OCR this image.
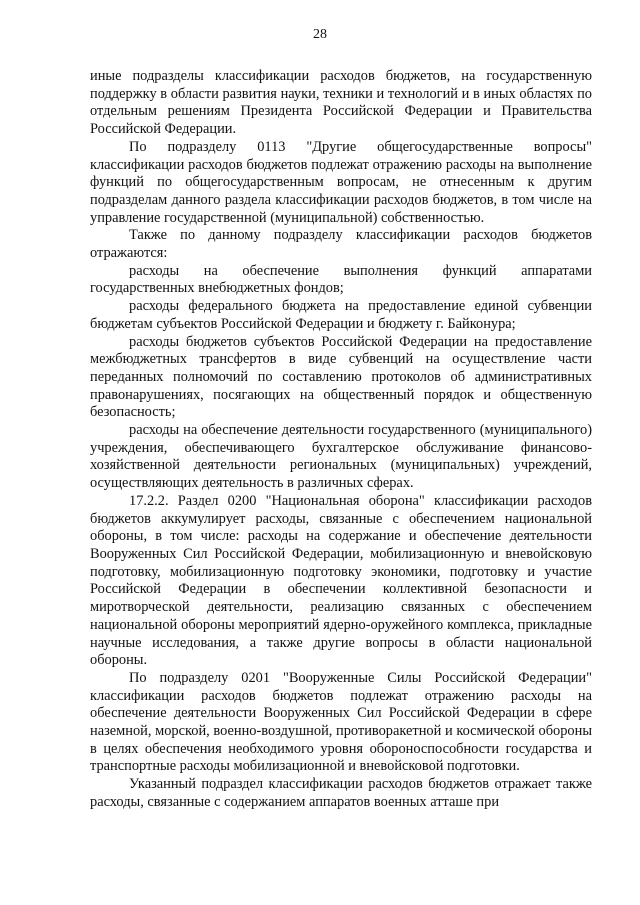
28

иные подразделы классификации расходов бюджетов, на государственную поддержку в области развития науки, техники и технологий и в иных областях по отдельным решениям Президента Российской Федерации и Правительства Российской Федерации.

По подразделу 0113 "Другие общегосударственные вопросы" классификации расходов бюджетов подлежат отражению расходы на выполнение функций по общегосударственным вопросам, не отнесенным к другим подразделам данного раздела классификации расходов бюджетов, в том числе на управление государственной (муниципальной) собственностью.

Также по данному подразделу классификации расходов бюджетов отражаются:

расходы на обеспечение выполнения функций аппаратами государственных внебюджетных фондов;

расходы федерального бюджета на предоставление единой субвенции бюджетам субъектов Российской Федерации и бюджету г. Байконура;

расходы бюджетов субъектов Российской Федерации на предоставление межбюджетных трансфертов в виде субвенций на осуществление части переданных полномочий по составлению протоколов об административных правонарушениях, посягающих на общественный порядок и общественную безопасность;

расходы на обеспечение деятельности государственного (муниципального) учреждения, обеспечивающего бухгалтерское обслуживание финансово-хозяйственной деятельности региональных (муниципальных) учреждений, осуществляющих деятельность в различных сферах.

17.2.2. Раздел 0200 "Национальная оборона" классификации расходов бюджетов аккумулирует расходы, связанные с обеспечением национальной обороны, в том числе: расходы на содержание и обеспечение деятельности Вооруженных Сил Российской Федерации, мобилизационную и вневойсковую подготовку, мобилизационную подготовку экономики, подготовку и участие Российской Федерации в обеспечении коллективной безопасности и миротворческой деятельности, реализацию связанных с обеспечением национальной обороны мероприятий ядерно-оружейного комплекса, прикладные научные исследования, а также другие вопросы в области национальной обороны.

По подразделу 0201 "Вооруженные Силы Российской Федерации" классификации расходов бюджетов подлежат отражению расходы на обеспечение деятельности Вооруженных Сил Российской Федерации в сфере наземной, морской, военно-воздушной, противоракетной и космической обороны в целях обеспечения необходимого уровня обороноспособности государства и транспортные расходы мобилизационной и вневойсковой подготовки.

Указанный подраздел классификации расходов бюджетов отражает также расходы, связанные с содержанием аппаратов военных атташе при
